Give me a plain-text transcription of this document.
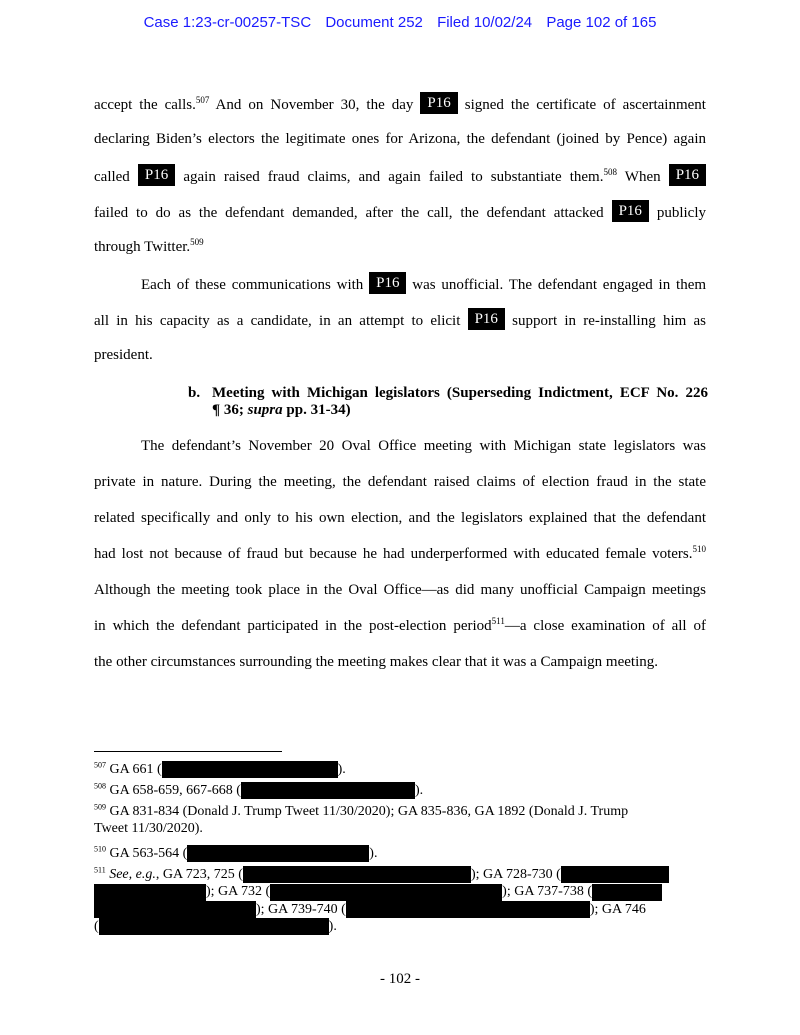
Case 1:23-cr-00257-TSC Document 252 Filed 10/02/24 Page 102 of 165
accept the calls.$^{507}$ And on November 30, the day P16 signed the certificate of ascertainment
declaring Biden’s electors the legitimate ones for Arizona, the defendant (joined by Pence) again
called P16 again raised fraud claims, and again failed to substantiate them.$^{508}$ When P16
failed to do as the defendant demanded, after the call, the defendant attacked P16 publicly
through Twitter.$^{509}$
Each of these communications with P16 was unofficial. The defendant engaged in them
all in his capacity as a candidate, in an attempt to elicit P16 support in re-installing him as
president.
b. Meeting with Michigan legislators (Superseding Indictment, ECF No. 226
¶ 36; supra pp. 31-34)
The defendant’s November 20 Oval Office meeting with Michigan state legislators was
private in nature. During the meeting, the defendant raised claims of election fraud in the state
related specifically and only to his own election, and the legislators explained that the defendant
had lost not because of fraud but because he had underperformed with educated female voters.$^{510}$
Although the meeting took place in the Oval Office—as did many unofficial Campaign meetings
in which the defendant participated in the post-election period$^{511}$—a close examination of all of
the other circumstances surrounding the meeting makes clear that it was a Campaign meeting.
$^{507}$ GA 661 (	).
$^{508}$ GA 658-659, 667-668 (	).
$^{509}$ GA 831-834 (Donald J. Trump Tweet 11/30/2020); GA 835-836, GA 1892 (Donald J. Trump
Tweet 11/30/2020).
$^{510}$ GA 563-564 (	).
$^{511}$ See, e.g., GA 723, 725 (	); GA 728-730 (
); GA 732 (	); GA 737-738 (
); GA 739-740 (	); GA 746
(	).
- 102 -
